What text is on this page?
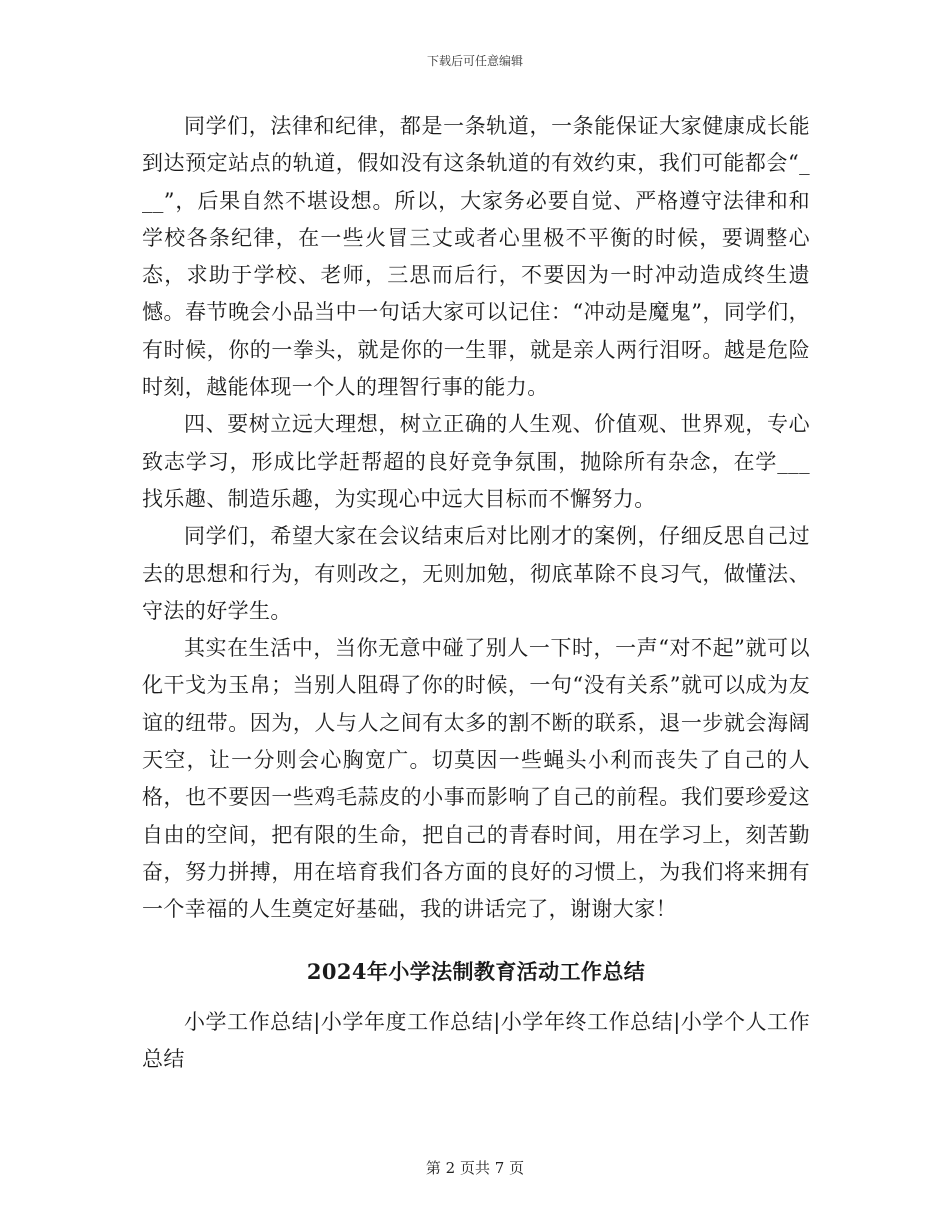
下载后可任意编辑

同学们，法律和纪律，都是一条轨道，一条能保证大家健康成长能到达预定站点的轨道，假如没有这条轨道的有效约束，我们可能都会“___”，后果自然不堪设想。所以，大家务必要自觉、严格遵守法律和和学校各条纪律，在一些火冒三丈或者心里极不平衡的时候，要调整心态，求助于学校、老师，三思而后行，不要因为一时冲动造成终生遗憾。春节晚会小品当中一句话大家可以记住：“冲动是魔鬼”，同学们，有时候，你的一拳头，就是你的一生罪，就是亲人两行泪呀。越是危险时刻，越能体现一个人的理智行事的能力。

四、要树立远大理想，树立正确的人生观、价值观、世界观，专心致志学习，形成比学赶帮超的良好竞争氛围，抛除所有杂念，在学___找乐趣、制造乐趣，为实现心中远大目标而不懈努力。

同学们，希望大家在会议结束后对比刚才的案例，仔细反思自己过去的思想和行为，有则改之，无则加勉，彻底革除不良习气，做懂法、守法的好学生。

其实在生活中，当你无意中碰了别人一下时，一声“对不起”就可以化干戈为玉帛；当别人阻碍了你的时候，一句“没有关系”就可以成为友谊的纽带。因为，人与人之间有太多的割不断的联系，退一步就会海阔天空，让一分则会心胸宽广。切莫因一些蝇头小利而丧失了自己的人格，也不要因一些鸡毛蒜皮的小事而影响了自己的前程。我们要珍爱这自由的空间，把有限的生命，把自己的青春时间，用在学习上，刻苦勤奋，努力拼搏，用在培育我们各方面的良好的习惯上，为我们将来拥有一个幸福的人生奠定好基础，我的讲话完了，谢谢大家！

2024年小学法制教育活动工作总结

小学工作总结|小学年度工作总结|小学年终工作总结|小学个人工作总结

第 2 页共 7 页
